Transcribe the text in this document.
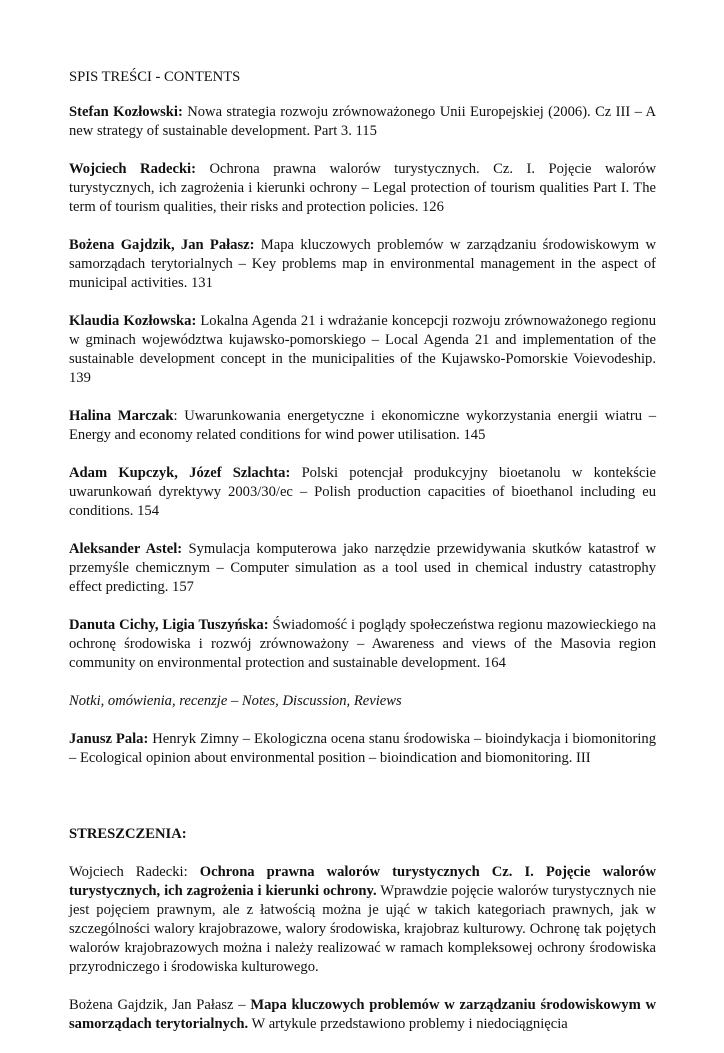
SPIS TREŚCI - CONTENTS
Stefan Kozłowski: Nowa strategia rozwoju zrównoważonego Unii Europejskiej (2006). Cz III – A new strategy of sustainable development. Part 3. 115
Wojciech Radecki: Ochrona prawna walorów turystycznych. Cz. I. Pojęcie walorów turystycznych, ich zagrożenia i kierunki ochrony – Legal protection of tourism qualities Part I. The term of tourism qualities, their risks and protection policies. 126
Bożena Gajdzik, Jan Pałasz: Mapa kluczowych problemów w zarządzaniu środowiskowym w samorządach terytorialnych – Key problems map in environmental management in the aspect of municipal activities. 131
Klaudia Kozłowska: Lokalna Agenda 21 i wdrażanie koncepcji rozwoju zrównoważonego regionu w gminach województwa kujawsko-pomorskiego – Local Agenda 21 and implementation of the sustainable development concept in the municipalities of the Kujawsko-Pomorskie Voievodeship. 139
Halina Marczak: Uwarunkowania energetyczne i ekonomiczne wykorzystania energii wiatru – Energy and economy related conditions for wind power utilisation. 145
Adam Kupczyk, Józef Szlachta: Polski potencjał produkcyjny bioetanolu w kontekście uwarunkowań dyrektywy 2003/30/ec – Polish production capacities of bioethanol including eu conditions. 154
Aleksander Astel: Symulacja komputerowa jako narzędzie przewidywania skutków katastrof w przemyśle chemicznym – Computer simulation as a tool used in chemical industry catastrophy effect predicting. 157
Danuta Cichy, Ligia Tuszyńska: Świadomość i poglądy społeczeństwa regionu mazowieckiego na ochronę środowiska i rozwój zrównoważony – Awareness and views of the Masovia region community on environmental protection and sustainable development. 164
Notki, omówienia, recenzje – Notes, Discussion, Reviews
Janusz Pala: Henryk Zimny – Ekologiczna ocena stanu środowiska – bioindykacja i biomonitoring – Ecological opinion about environmental position – bioindication and biomonitoring. III
STRESZCZENIA:
Wojciech Radecki: Ochrona prawna walorów turystycznych Cz. I. Pojęcie walorów turystycznych, ich zagrożenia i kierunki ochrony. Wprawdzie pojęcie walorów turystycznych nie jest pojęciem prawnym, ale z łatwością można je ująć w takich kategoriach prawnych, jak w szczególności walory krajobrazowe, walory środowiska, krajobraz kulturowy. Ochronę tak pojętych walorów krajobrazowych można i należy realizować w ramach kompleksowej ochrony środowiska przyrodniczego i środowiska kulturowego.
Bożena Gajdzik, Jan Pałasz – Mapa kluczowych problemów w zarządzaniu środowiskowym w samorządach terytorialnych. W artykule przedstawiono problemy i niedociągnięcia
